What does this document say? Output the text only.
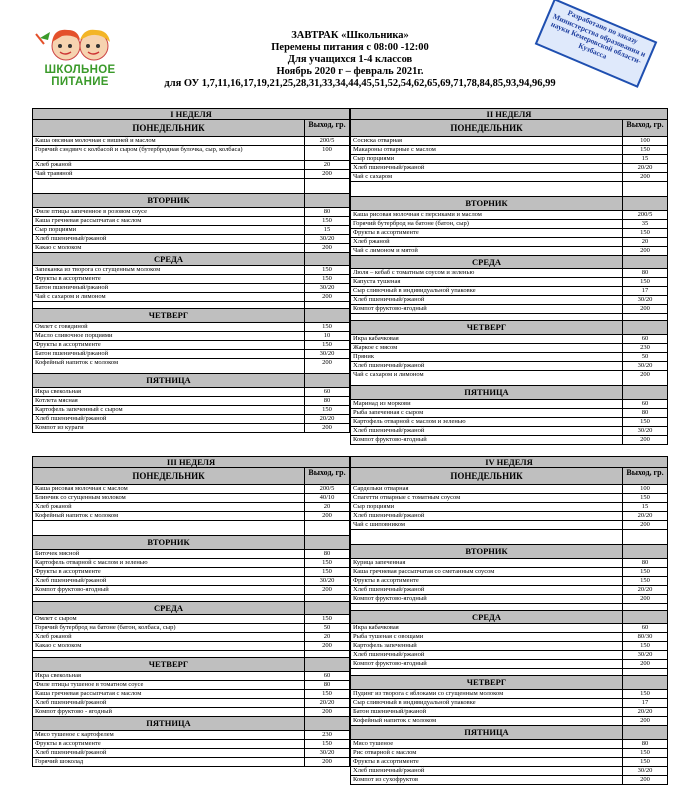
ШКОЛЬНОЕ
ПИТАНИЕ
ЗАВТРАК «Школьника»
Перемены питания с 08:00 -12:00
Для учащихся 1-4 классов
Ноябрь 2020 г – февраль 2021г.
для ОУ 1,7,11,16,17,19,21,25,28,31,33,34,44,45,51,52,54,62,65,69,71,78,84,85,93,94,96,99
Разработано по заказу Министерства образования и науки Кемеровской области-Кузбасса
I НЕДЕЛЯ
ПОНЕДЕЛЬНИК	Выход, гр.
Каша овсяная молочная с вишней и маслом	200/5
Горячий сэндвич с колбасой и сыром (бутербродная булочка, сыр, колбаса)	100
Хлеб ржаной	20
Чай травяной	200
ВТОРНИК
Филе птицы запеченное в розовом соусе	80
Каша гречневая рассыпчатая с маслом	150
Сыр порциями	15
Хлеб пшеничный/ржаной	30/20
Какао с молоком	200
СРЕДА
Запеканка из творога со сгущенным молоком	150
Фрукты в ассортименте	150
Батон пшеничный/ржаной	30/20
Чай с сахаром и лимоном	200
ЧЕТВЕРГ
Омлет с говядиной	150
Масло сливочное порциями	10
Фрукты в ассортименте	150
Батон пшеничный/ржаной	30/20
Кофейный напиток с молоком	200
ПЯТНИЦА
Икра свекольная	60
Котлета мясная	80
Картофель запеченный с сыром	150
Хлеб пшеничный/ржаной	20/20
Компот из кураги	200
II НЕДЕЛЯ
ПОНЕДЕЛЬНИК	Выход, гр.
Сосиска отварная	100
Макароны отварные с маслом	150
Сыр порциями	15
Хлеб пшеничный/ржаной	20/20
Чай с сахаром	200
ВТОРНИК
Каша рисовая молочная с персиками и маслом	200/5
Горячий бутерброд на батоне (батон, сыр)	35
Фрукты в ассортименте	150
Хлеб ржаной	20
Чай с лимоном и мятой	200
СРЕДА
Люля – кебаб с томатным соусом и зеленью	80
Капуста тушеная	150
Сыр сливочный в индивидуальной упаковке	17
Хлеб пшеничный/ржаной	30/20
Компот фруктово-ягодный	200
ЧЕТВЕРГ
Икра кабачковая	60
Жаркое с мясом	230
Пряник	50
Хлеб пшеничный/ржаной	30/20
Чай с сахаром и лимоном	200
ПЯТНИЦА
Маринад из моркови	60
Рыба запеченная с сыром	80
Картофель отварной с маслом и зеленью	150
Хлеб пшеничный/ржаной	30/20
Компот фруктово-ягодный	200
III НЕДЕЛЯ
ПОНЕДЕЛЬНИК	Выход, гр.
Каша рисовая молочная с маслом	200/5
Блинчик со сгущенным молоком	40/10
Хлеб ржаной	20
Кофейный напиток с молоком	200
ВТОРНИК
Биточек мясной	80
Картофель отварной с маслом и зеленью	150
Фрукты в ассортименте	150
Хлеб пшеничный/ржаной	30/20
Компот фруктово-ягодный	200
СРЕДА
Омлет с сыром	150
Горячий бутерброд на батоне (батон, колбаса, сыр)	50
Хлеб ржаной	20
Какао с молоком	200
ЧЕТВЕРГ
Икра свекольная	60
Филе птицы тушеное в томатном соусе	80
Каша гречневая рассыпчатая с маслом	150
Хлеб пшеничный/ржаной	20/20
Компот фруктово - ягодный	200
ПЯТНИЦА
Мясо тушеное с картофелем	230
Фрукты в ассортименте	150
Хлеб пшеничный/ржаной	30/20
Горячий шоколад	200
IV НЕДЕЛЯ
ПОНЕДЕЛЬНИК	Выход, гр.
Сардельки отварная	100
Спагетти отварные с томатным соусом	150
Сыр порциями	15
Хлеб пшеничный/ржаной	20/20
Чай с шиповником	200
ВТОРНИК
Курица запеченная	80
Каша гречневая рассыпчатая со сметанным соусом	150
Фрукты в ассортименте	150
Хлеб пшеничный/ржаной	20/20
Компот фруктово-ягодный	200
СРЕДА
Икра кабачковая	60
Рыба тушеная с овощами	80/30
Картофель запеченный	150
Хлеб пшеничный/ржаной	30/20
Компот фруктово-ягодный	200
ЧЕТВЕРГ
Пудинг из творога с яблоками со сгущенным молоком	150
Сыр сливочный в индивидуальной упаковке	17
Батон пшеничный/ржаной	20/20
Кофейный напиток с молоком	200
ПЯТНИЦА
Мясо тушеное	80
Рис отварной с маслом	150
Фрукты в ассортименте	150
Хлеб пшеничный/ржаной	30/20
Компот из сухофруктов	200
